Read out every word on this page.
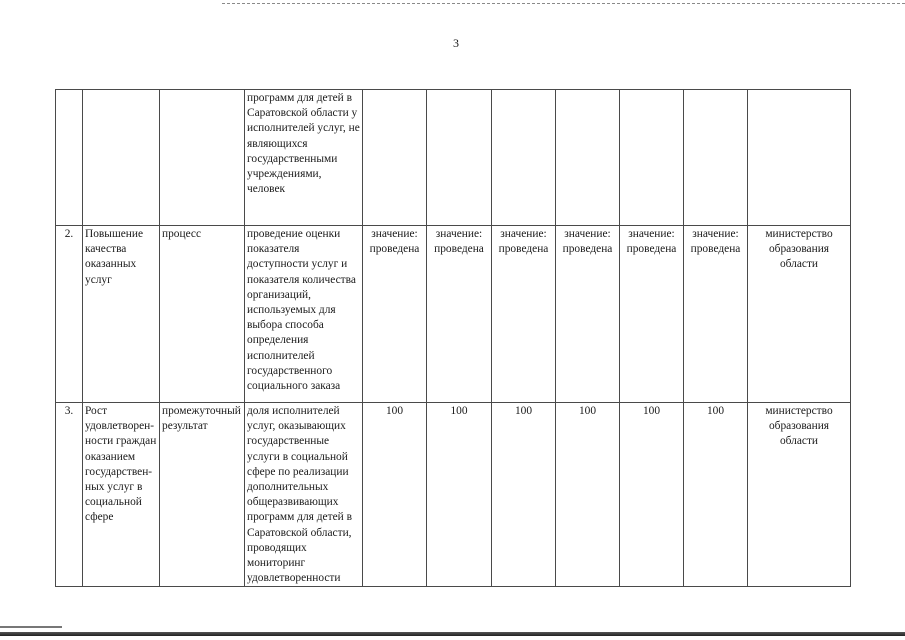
3
			программ для детей в Саратовской области у исполнителей услуг, не являющихся государственными учреждениями, человек							
2.	Повышение качества оказанных услуг	процесс	проведение оценки показателя доступности услуг и показателя количества организаций, используемых для выбора способа определения исполнителей государственного социального заказа	значение: проведена	значение: проведена	значение: проведена	значение: проведена	значение: проведена	значение: проведена	министерство образования области
3.	Рост удовлетворен-ности граждан оказанием государствен-ных услуг в социальной сфере	промежуточный результат	доля исполнителей услуг, оказывающих государственные услуги в социальной сфере по реализации дополнительных общеразвивающих программ для детей в Саратовской области, проводящих мониторинг удовлетворенности	100	100	100	100	100	100	министерство образования области
